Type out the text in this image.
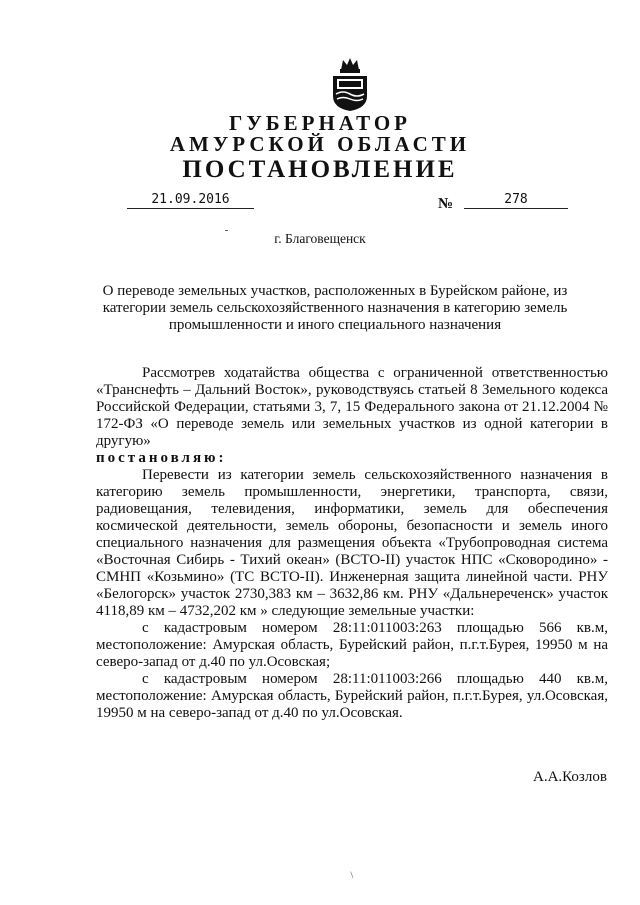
ГУБЕРНАТОР
АМУРСКОЙ ОБЛАСТИ
ПОСТАНОВЛЕНИЕ
21.09.2016	№	278
г. Благовещенск
О переводе земельных участков, расположенных в Бурейском районе, из категории земель сельскохозяйственного назначения в категорию земель промышленности и иного специального назначения

Рассмотрев ходатайства общества с ограниченной ответственностью «Транснефть – Дальний Восток», руководствуясь статьей 8 Земельного кодекса Российской Федерации, статьями 3, 7, 15 Федерального закона от 21.12.2004 № 172-ФЗ «О переводе земель или земельных участков из одной категории в другую»

постановляю:

Перевести из категории земель сельскохозяйственного назначения в категорию земель промышленности, энергетики, транспорта, связи, радиовещания, телевидения, информатики, земель для обеспечения космической деятельности, земель обороны, безопасности и земель иного специального назначения для размещения объекта «Трубопроводная система «Восточная Сибирь - Тихий океан» (ВСТО-II) участок НПС «Сковородино» - СМНП «Козьмино» (ТС ВСТО-II). Инженерная защита линейной части. РНУ «Белогорск» участок 2730,383 км – 3632,86 км. РНУ «Дальнереченск» участок 4118,89 км – 4732,202 км » следующие земельные участки:

с кадастровым номером 28:11:011003:263 площадью 566 кв.м, местоположение: Амурская область, Бурейский район, п.г.т.Бурея, 19950 м на северо-запад от д.40 по ул.Осовская;

с кадастровым номером 28:11:011003:266 площадью 440 кв.м, местоположение: Амурская область, Бурейский район, п.г.т.Бурея, ул.Осовская, 19950 м на северо-запад от д.40 по ул.Осовская.

А.А.Козлов
/
